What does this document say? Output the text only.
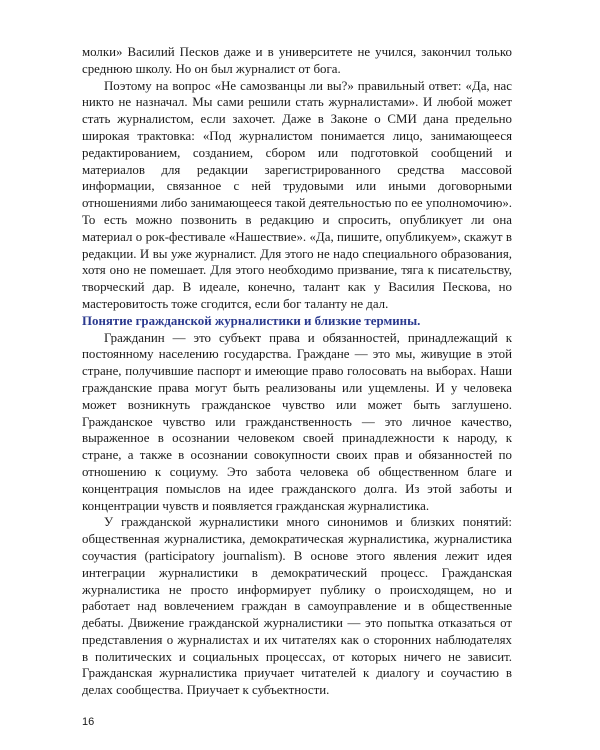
молки» Василий Песков даже и в университете не учился, закончил только среднюю школу. Но он был журналист от бога.

Поэтому на вопрос «Не самозванцы ли вы?» правильный ответ: «Да, нас никто не назначал. Мы сами решили стать журналистами». И любой может стать журналистом, если захочет. Даже в Законе о СМИ дана предельно широкая трактовка: «Под журналистом понимается лицо, занимающееся редактированием, созданием, сбором или подготовкой сообщений и материалов для редакции зарегистрированного средства массовой информации, связанное с ней трудовыми или иными договорными отношениями либо занимающееся такой деятельностью по ее уполномочию». То есть можно позвонить в редакцию и спросить, опубликует ли она материал о рок-фестивале «Нашествие». «Да, пишите, опубликуем», скажут в редакции. И вы уже журналист. Для этого не надо специального образования, хотя оно не помешает. Для этого необходимо призвание, тяга к писательству, творческий дар. В идеале, конечно, талант как у Василия Пескова, но мастеровитость тоже сгодится, если бог таланту не дал.

Понятие гражданской журналистики и близкие термины.

Гражданин — это субъект права и обязанностей, принадлежащий к постоянному населению государства. Граждане — это мы, живущие в этой стране, получившие паспорт и имеющие право голосовать на выборах. Наши гражданские права могут быть реализованы или ущемлены. И у человека может возникнуть гражданское чувство или может быть заглушено. Гражданское чувство или гражданственность — это личное качество, выраженное в осознании человеком своей принадлежности к народу, к стране, а также в осознании совокупности своих прав и обязанностей по отношению к социуму. Это забота человека об общественном благе и концентрация помыслов на идее гражданского долга. Из этой заботы и концентрации чувств и появляется гражданская журналистика.

У гражданской журналистики много синонимов и близких понятий: общественная журналистика, демократическая журналистика, журналистика соучастия (participatory journalism). В основе этого явления лежит идея интеграции журналистики в демократический процесс. Гражданская журналистика не просто информирует публику о происходящем, но и работает над вовлечением граждан в самоуправление и в общественные дебаты. Движение гражданской журналистики — это попытка отказаться от представления о журналистах и их читателях как о сторонних наблюдателях в политических и социальных процессах, от которых ничего не зависит. Гражданская журналистика приучает читателей к диалогу и соучастию в делах сообщества. Приучает к субъектности.

16
